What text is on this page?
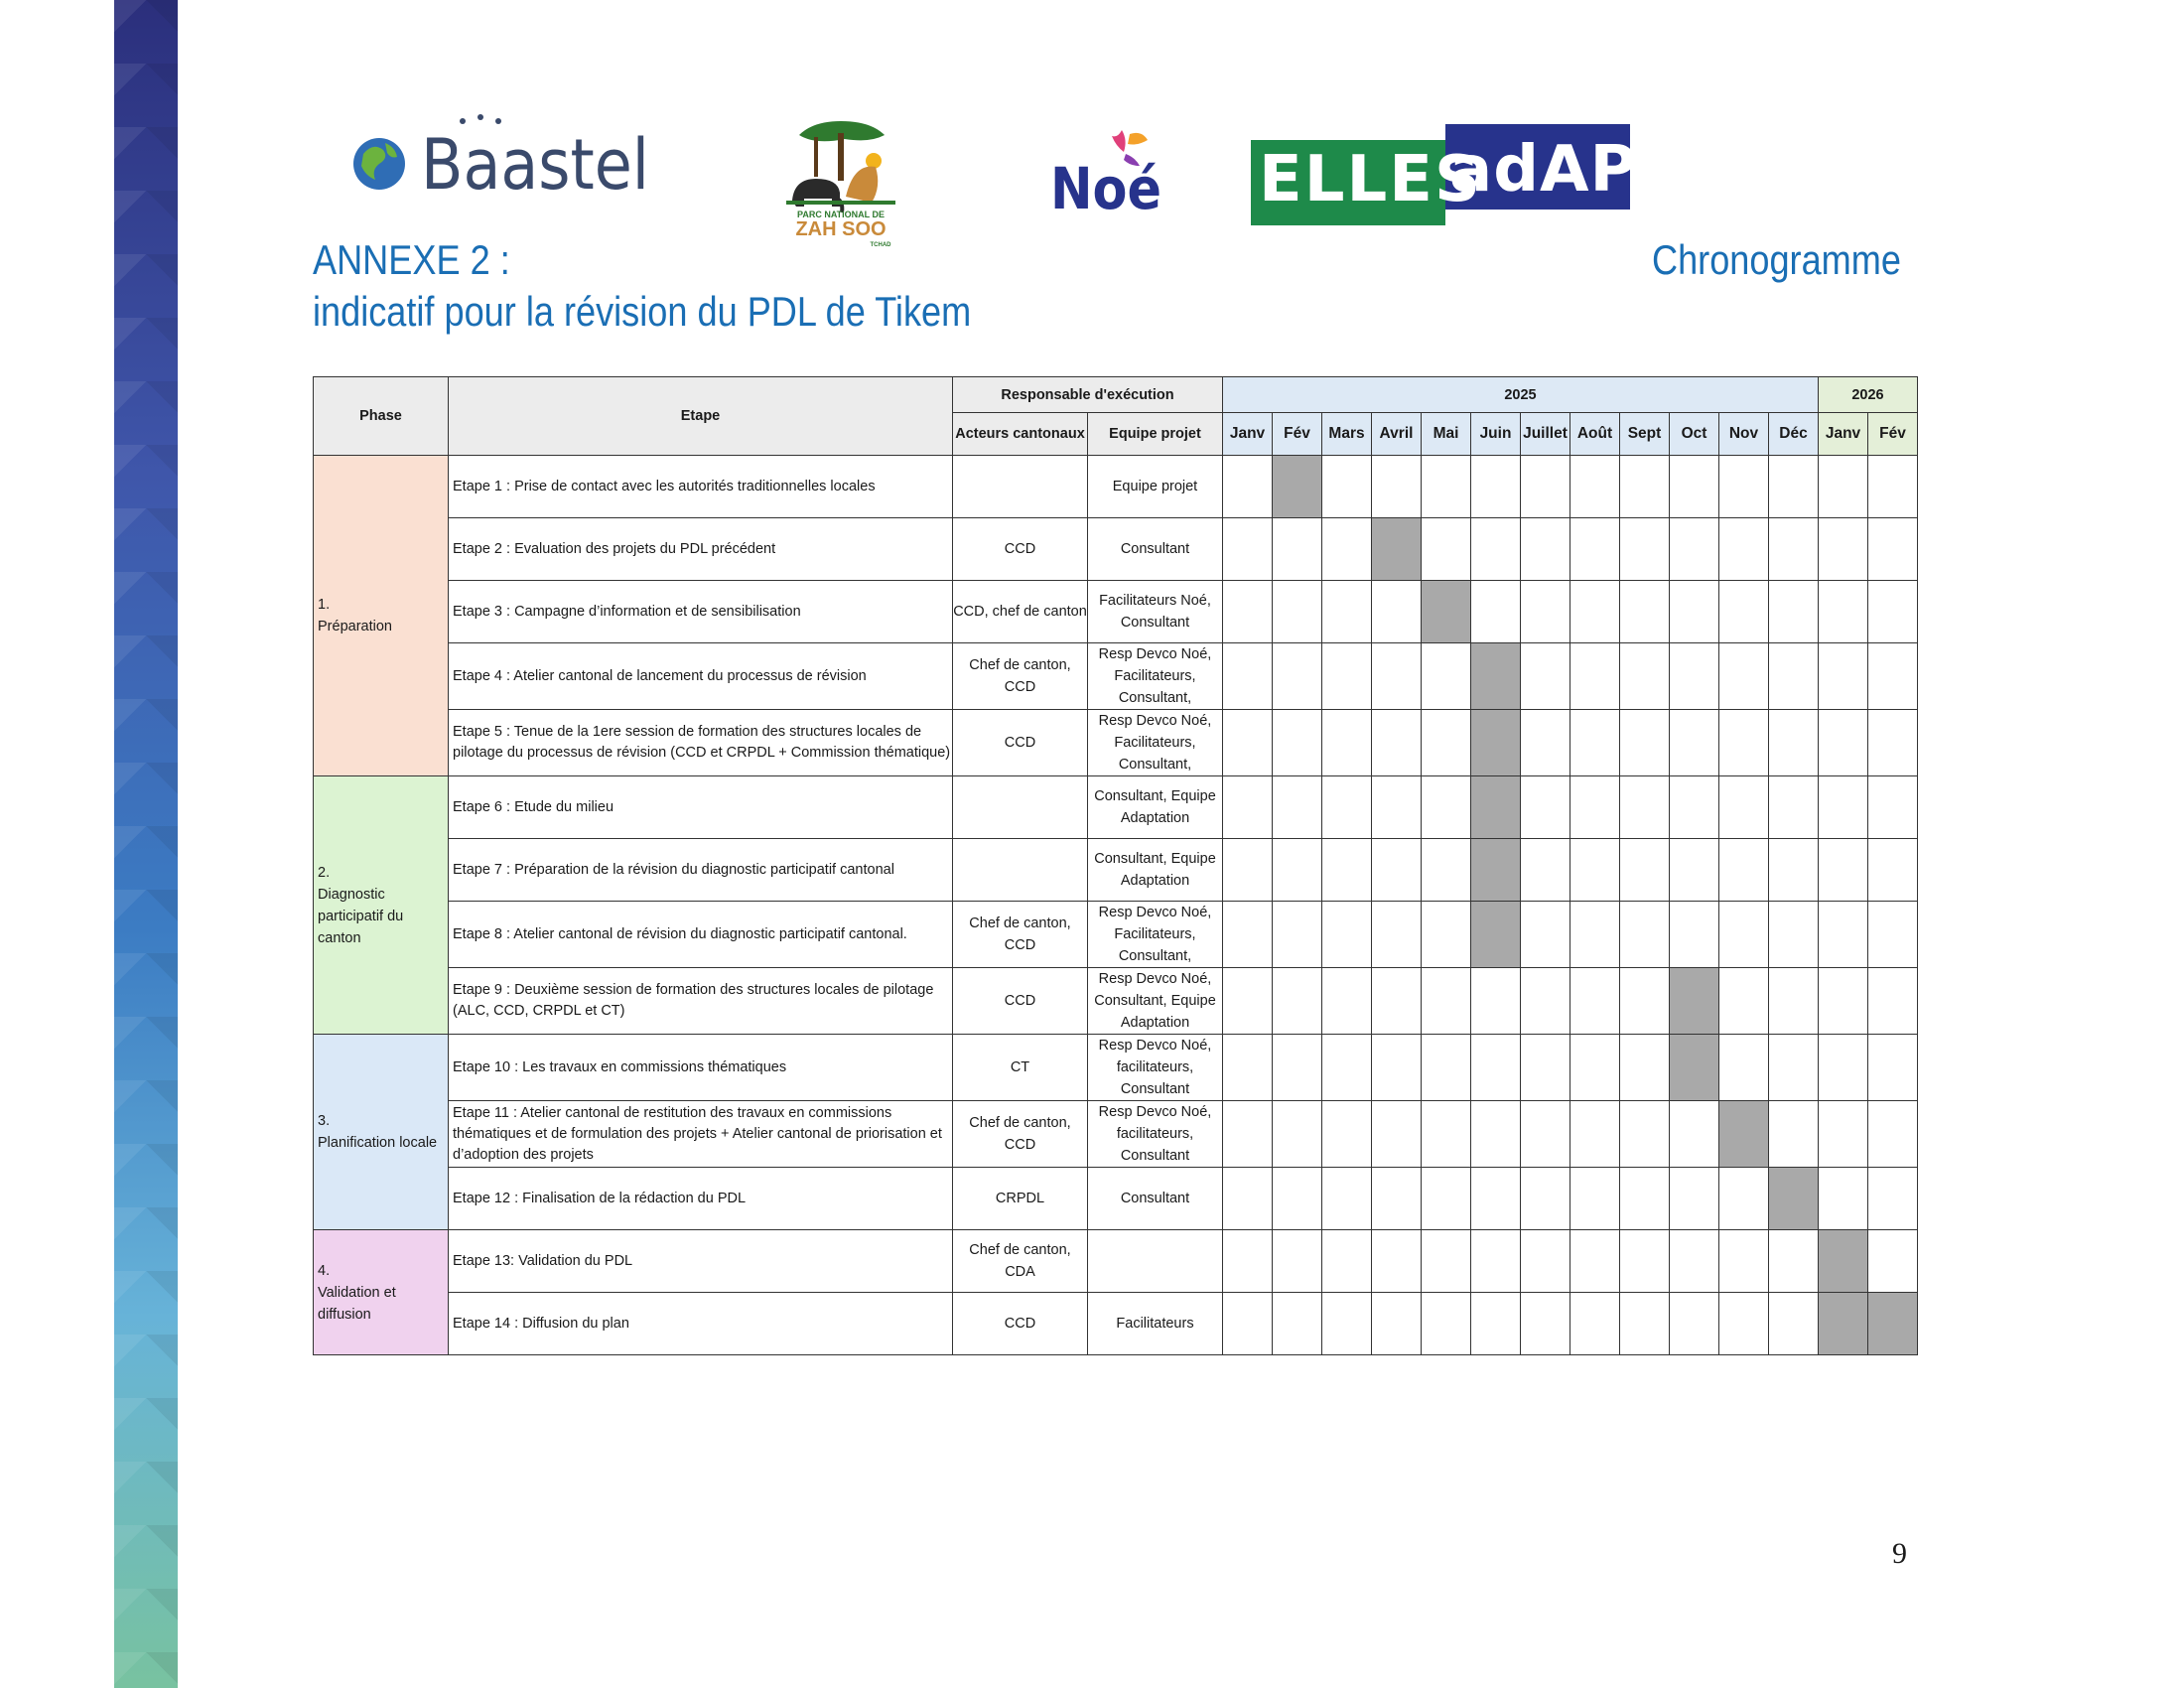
Baastel
PARC NATIONAL DE
ZAH SOO
TCHAD
Noé ELLES
adAPt
ANNEXE 2 :
indicatif pour la révision du PDL de Tikem
Chronogramme
Phase	Etape	Responsable d'exécution		2025												2026	
		Acteurs cantonaux	Equipe projet	Janv	Fév	Mars	Avril	Mai	Juin	Juillet	Août	Sept	Oct	Nov	Déc	Janv	Fév
1.
Préparation	Etape 1 : Prise de contact avec les autorités traditionnelles locales		Equipe projet														
	Etape 2 : Evaluation des projets du PDL précédent	CCD	Consultant														
	Etape 3 : Campagne d’information et de sensibilisation	CCD, chef de canton	Facilitateurs Noé, Consultant														
	Etape 4 : Atelier cantonal de lancement du processus de révision	Chef de canton, CCD	Resp Devco Noé, Facilitateurs, Consultant,														
	Etape 5 : Tenue de la 1ere session de formation des structures locales de pilotage du processus de révision (CCD et CRPDL + Commission thématique)	CCD	Resp Devco Noé, Facilitateurs, Consultant,														
2.
Diagnostic participatif du canton	Etape 6 : Etude du milieu		Consultant, Equipe Adaptation														
	Etape 7 : Préparation de la révision du diagnostic participatif cantonal		Consultant, Equipe Adaptation														
	Etape 8 : Atelier cantonal de révision du diagnostic participatif cantonal.	Chef de canton, CCD	Resp Devco Noé, Facilitateurs, Consultant,														
	Etape 9 : Deuxième session de formation des structures locales de pilotage (ALC, CCD, CRPDL et CT)	CCD	Resp Devco Noé, Consultant, Equipe Adaptation														
3.
Planification locale	Etape 10 : Les travaux en commissions thématiques	CT	Resp Devco Noé, facilitateurs, Consultant														
	Etape 11 : Atelier cantonal de restitution des travaux en commissions thématiques et de formulation des projets + Atelier cantonal de priorisation et d’adoption des projets	Chef de canton, CCD	Resp Devco Noé, facilitateurs, Consultant														
	Etape 12 : Finalisation de la rédaction du PDL	CRPDL	Consultant														
4.
Validation et diffusion	Etape 13: Validation du PDL	Chef de canton, CDA															
	Etape 14 : Diffusion du plan	CCD	Facilitateurs														
9
